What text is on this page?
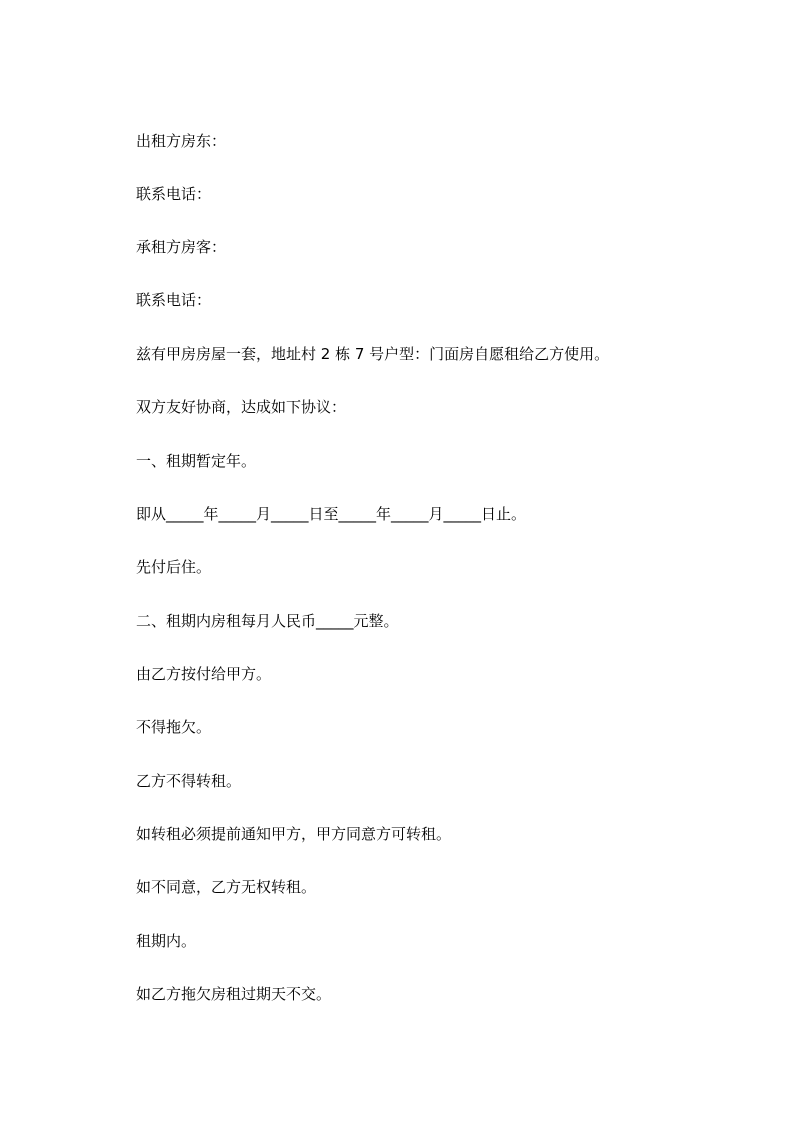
出租方房东：

联系电话：

承租方房客：

联系电话：

兹有甲房房屋一套，地址村 2 栋 7 号户型：门面房自愿租给乙方使用。

双方友好协商，达成如下协议：

一、租期暂定年。

即从_____年_____月_____日至_____年_____月_____日止。

先付后住。

二、租期内房租每月人民币_____元整。

由乙方按付给甲方。

不得拖欠。

乙方不得转租。

如转租必须提前通知甲方，甲方同意方可转租。

如不同意，乙方无权转租。

租期内。

如乙方拖欠房租过期天不交。
